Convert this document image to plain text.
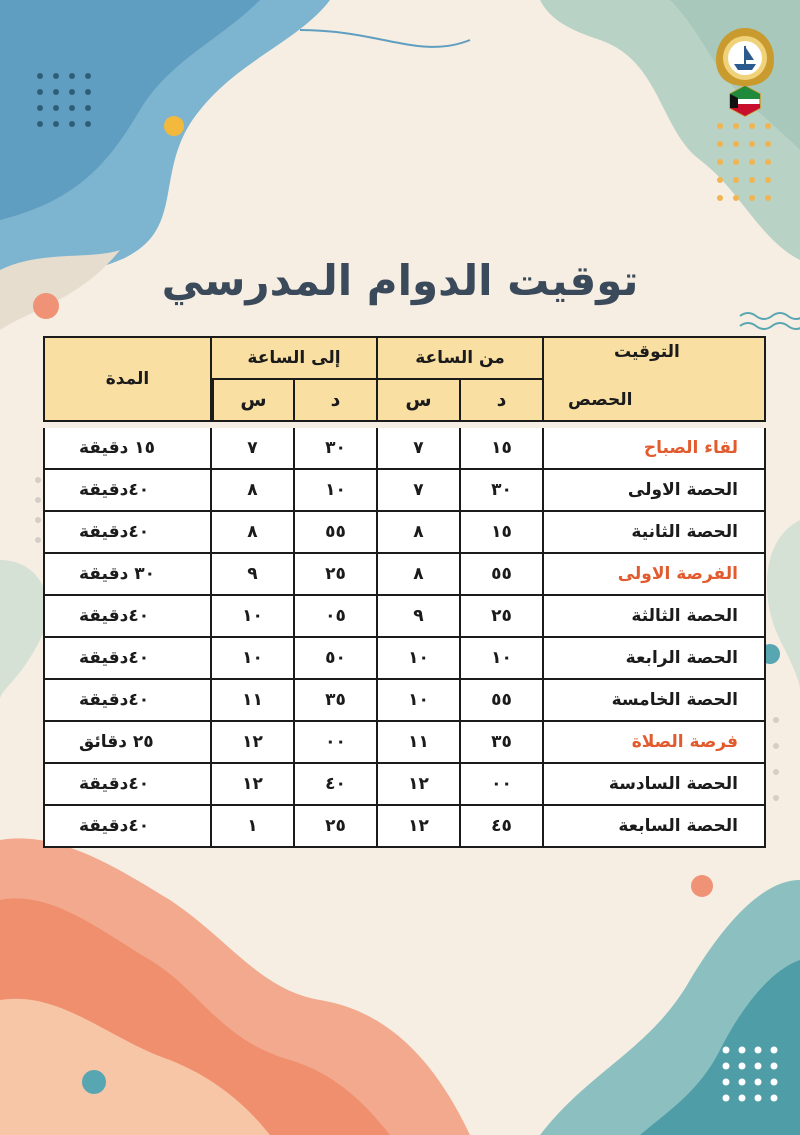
توقيت الدوام المدرسي
التوقيت
الحصص	من الساعة		إلى الساعة		المدة
	د	س	د	س	

لقاء الصباح	١٥	٧	٣٠	٧	١٥ دقيقة
الحصة الاولى	٣٠	٧	١٠	٨	٤٠دقيقة
الحصة الثانية	١٥	٨	٥٥	٨	٤٠دقيقة
الفرصة الاولى	٥٥	٨	٢٥	٩	٣٠ دقيقة
الحصة الثالثة	٢٥	٩	٠٥	١٠	٤٠دقيقة
الحصة الرابعة	١٠	١٠	٥٠	١٠	٤٠دقيقة
الحصة الخامسة	٥٥	١٠	٣٥	١١	٤٠دقيقة
فرصة الصلاة	٣٥	١١	٠٠	١٢	٢٥ دقائق
الحصة السادسة	٠٠	١٢	٤٠	١٢	٤٠دقيقة
الحصة السابعة	٤٥	١٢	٢٥	١	٤٠دقيقة
